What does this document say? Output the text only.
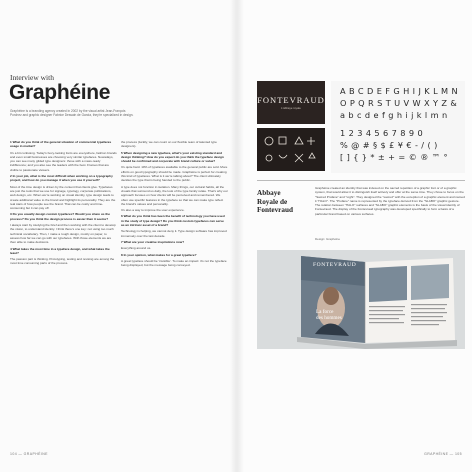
Interview with
Graphéine
Graphéine is a branding agency created in 2002 by the visual artist Jean-François Porchez and graphic designer Fabrice Dessain de Garcia, they're specialized in design.

1 What do you think of the general situation of commercial typefaces usage in market?

It's a bit confusing. Today's boxy-looking fonts are everywhere, fashion brands and even small businesses are choosing very similar typefaces. Nowadays, you can see many gilded type designers: those with a mass-ready indifference; and you also see the leaders with the best. Frames that are visible to passionate viewers.

2 In your job, what is the most difficult when working on a typography project, and how do you manage it when you use it yourself?

Most of the time design is driven by the content that clients give. Typefaces are just the tools that we use for signage, typology, corporate publications, web design, etc. When we're working on visual identity, type design leads to create additional value to the brand and highlight its personality. They are the real stars of how people see the brand. That can be costly and time-consuming but it can pay off.

3 Do you usually design custom typefaces? Would you share us the process? Do you think the design process is easier than it seems?

I always start by studying the brief and then working with the client to develop the vision, to understand identity. I think there's one key: not using too much technical vocabulary. Then, I make a rough design, mostly on paper, to assess how far we can go with our typefaces. With those elements we are then able to make decisions.

4 What takes the most time in a typeface design, and what takes the least?

The passion part is thinking. Prototyping, testing and revising are among the most time consuming parts of the process.

the process (luckily, we can count on our flexible team of talented type designers).

5 When designing a new typeface, what's your existing standard and design thinking? How do you expect do you think the typeface design should be confirmed and corporate with brand culture or value?

It's quite hard. 10% of typefaces available to the general public are sold. More efforts on good typography should be made. Graphéine is perfect for creating this kind of typefaces. What is it we're talking about? The client ultimately decides the type that is being handed to the public.

A type does not function in isolation. Many things, our cultural habits, all the visuals that surround us daily, the look of the type family relate. That's why our approach focuses on how clients will be perceived and remembered. We often use specific features in the typeface so that we can make type reflect the brand's values and personality.

It's also a way to improve the user experience.

6 What do you think has been the benefit of technology you have used in the study of type design? Do you think custom typefaces can serve as an intrinsic asset of a brand?

Technology is helping, we cannot deny it. Type design software has improved immensely over the last decade.

7 What are your creative inspirations now?

Everything around us.

8 In your opinion, what makes for a great typeface?

A great typeface should be 'invisible'. To make an impact: it's not the typeface being displayed, but the message being conveyed.

104 — GRAPHÉINE	GRAPHÉINE — 105
FONTEVRAUD
L'abbaye royale
ABCDEFGHIJKLMN
OPQRSTUVWXYZ&
abcdefghijklmn
1234567890
%@#§$£¥€-/()
[]{}*±+=©®™°
Abbaye
Royale de
Fontevraud
Graphéine created an identity that was indexed on the sacred repetition of a graphic font or of a graphic system, that would allow it to distinguish itself actively and offer at the same time. They chose to focus on the "Sacred Profane" and "Light". They designed the "sacred" with the exception of a graphic element and named it "HALO". The "Profane" name is represented by the typeface derived from the "SLABO" graphic gesture. The relation between "HALO" surfaces and "SLABO" graphic elements is the basis of the visual identity of Fontevraud. The display of the Fontevraud typography was developed specifically to form a basis of a particular brand based on various surfaces.
Design: Graphéine
FONTEVRAUD
La force
des hommes
